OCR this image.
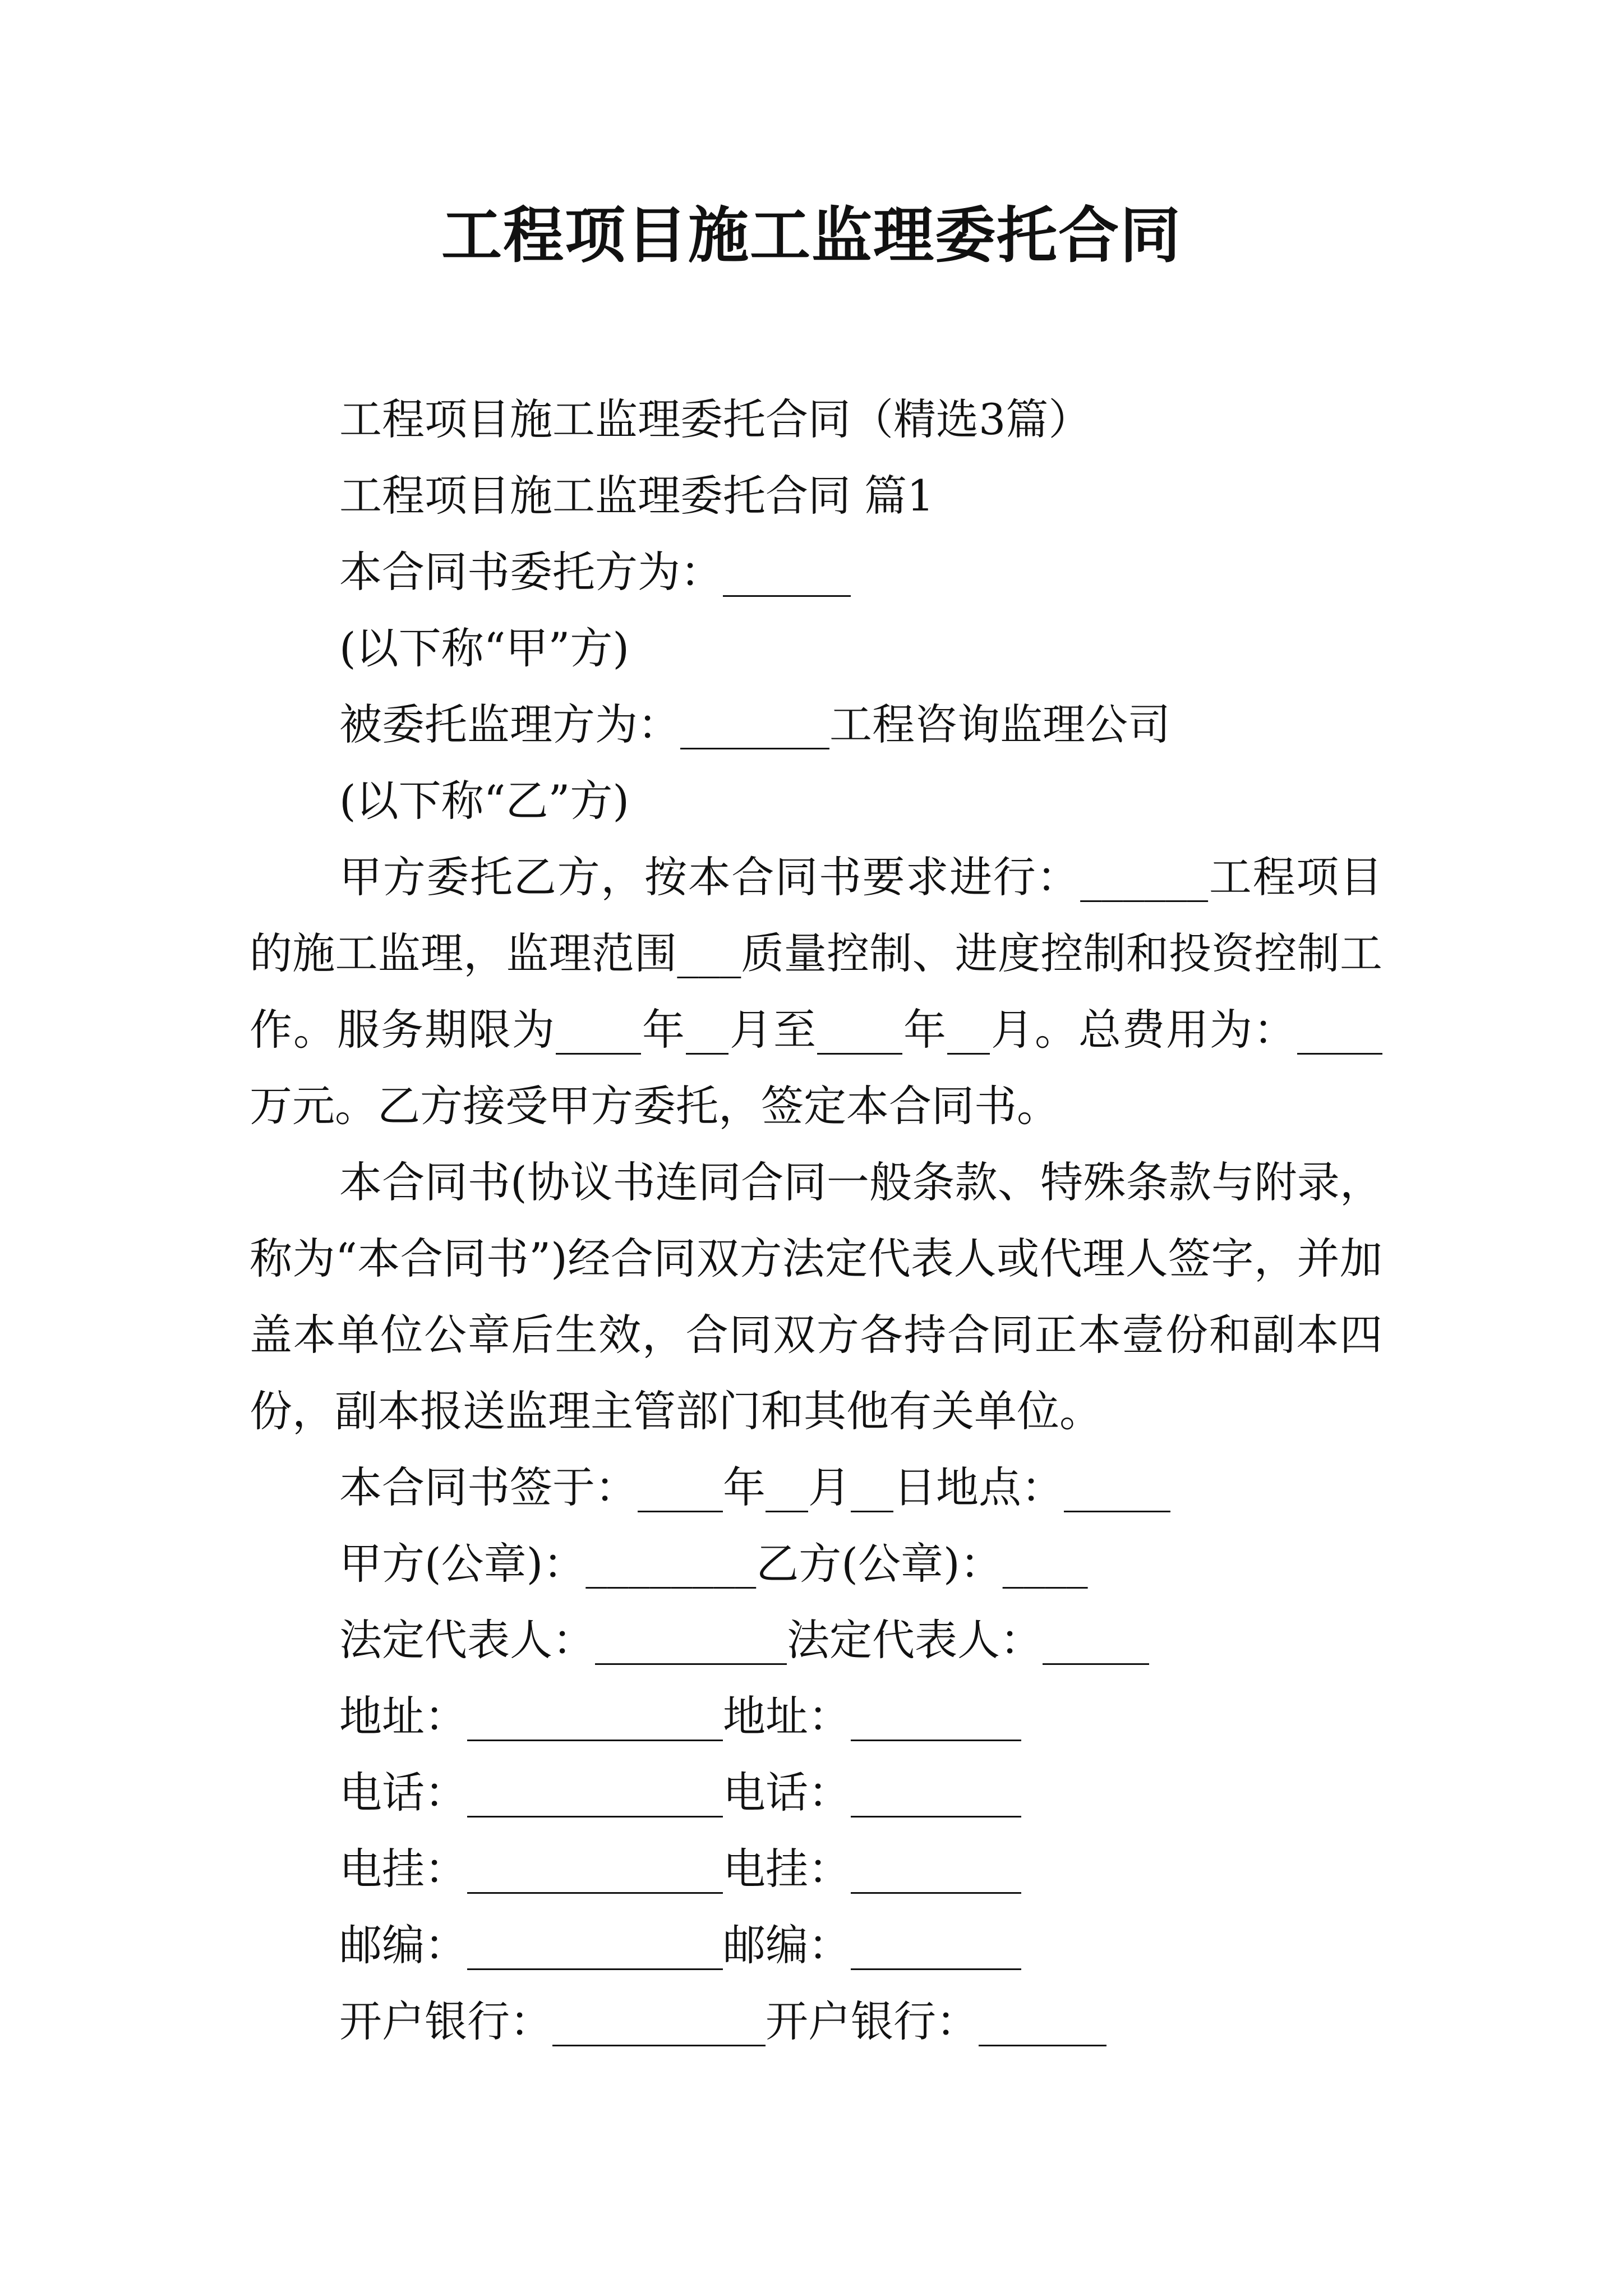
工程项目施工监理委托合同
工程项目施工监理委托合同（精选3篇）
工程项目施工监理委托合同 篇1
本合同书委托方为：______
(以下称“甲”方)
被委托监理方为：_______工程咨询监理公司
(以下称“乙”方)
甲方委托乙方，按本合同书要求进行：______工程项目的施工监理，监理范围___质量控制、进度控制和投资控制工作。服务期限为____年__月至____年__月。总费用为：____万元。乙方接受甲方委托，签定本合同书。
本合同书(协议书连同合同一般条款、特殊条款与附录，称为“本合同书”)经合同双方法定代表人或代理人签字，并加盖本单位公章后生效，合同双方各持合同正本壹份和副本四份，副本报送监理主管部门和其他有关单位。
本合同书签于：____年__月__日地点：_____
甲方(公章)：________乙方(公章)：____
法定代表人：_________法定代表人：_____
地址：____________地址：________
电话：____________电话：________
电挂：____________电挂：________
邮编：____________邮编：________
开户银行：__________开户银行：______
